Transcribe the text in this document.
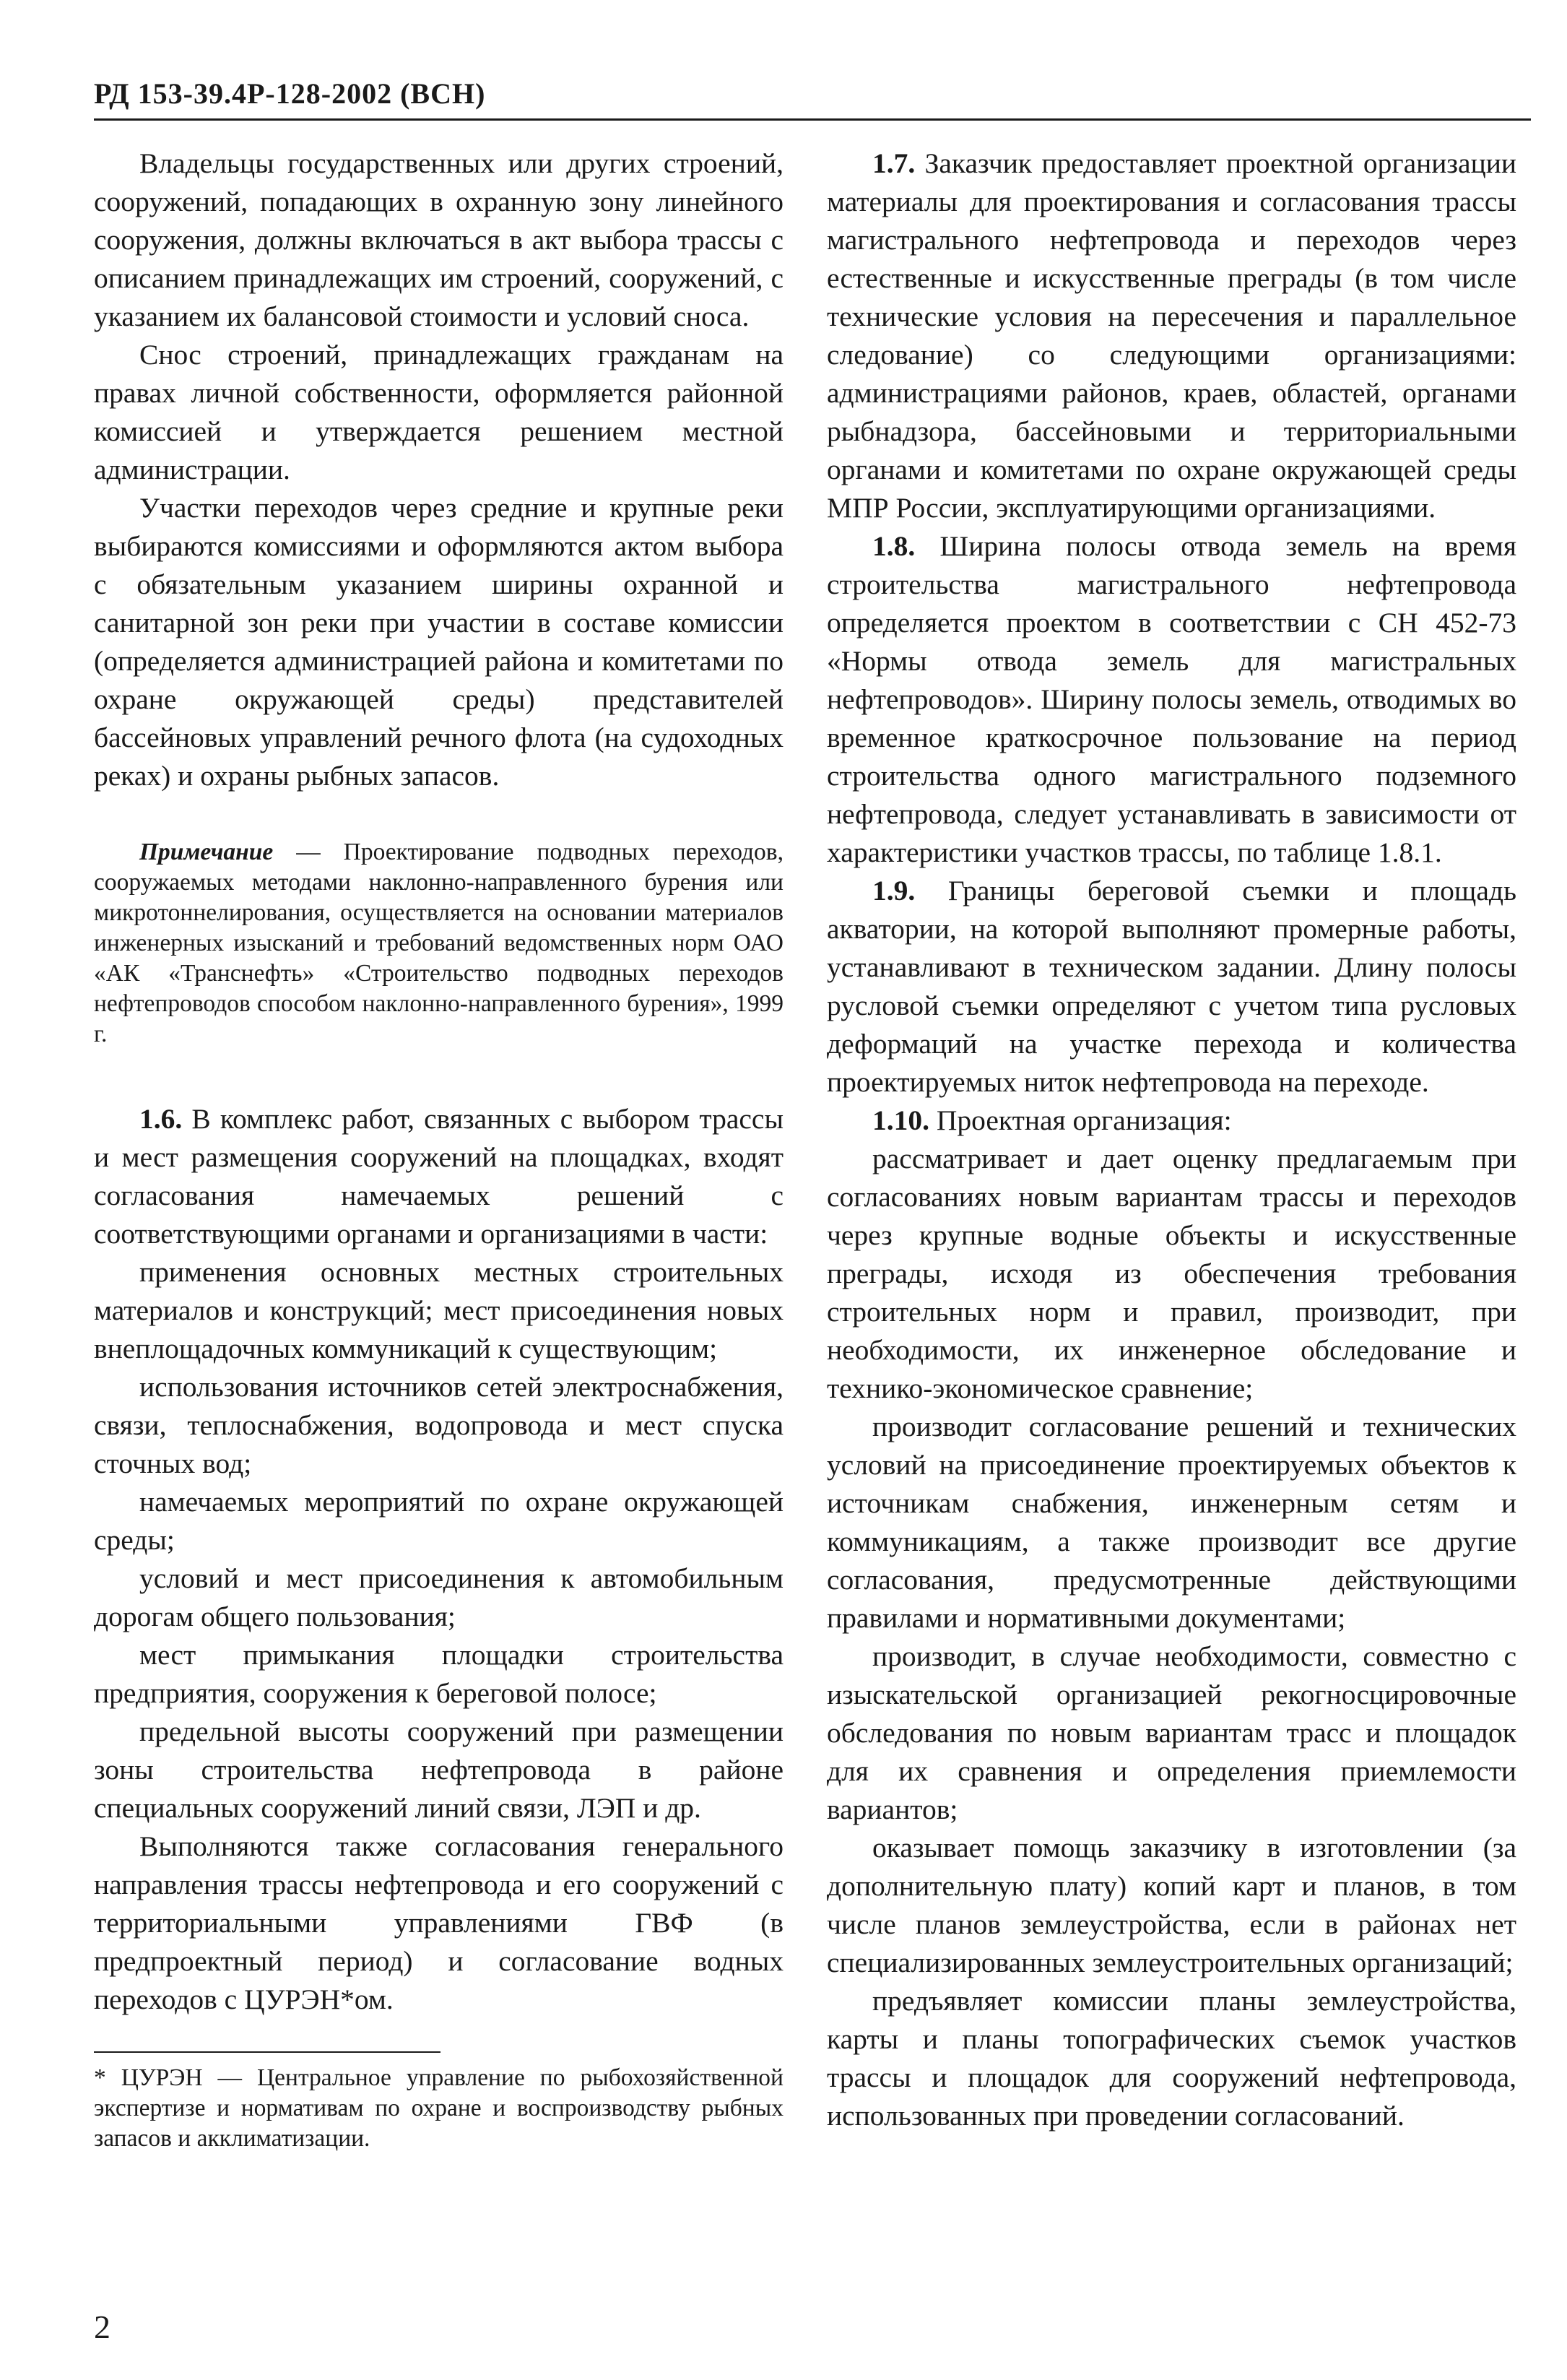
РД 153-39.4Р-128-2002 (ВСН)

Владельцы государственных или других строений, сооружений, попадающих в охранную зону линейного сооружения, должны включаться в акт выбора трассы с описанием принадлежащих им строений, сооружений, с указанием их балансовой стоимости и условий сноса.

Снос строений, принадлежащих гражданам на правах личной собственности, оформляется районной комиссией и утверждается решением местной администрации.

Участки переходов через средние и крупные реки выбираются комиссиями и оформляются актом выбора с обязательным указанием ширины охранной и санитарной зон реки при участии в составе комиссии (определяется администрацией района и комитетами по охране окружающей среды) представителей бассейновых управлений речного флота (на судоходных реках) и охраны рыбных запасов.

Примечание — Проектирование подводных переходов, сооружаемых методами наклонно-направленного бурения или микротоннелирования, осуществляется на основании материалов инженерных изысканий и требований ведомственных норм ОАО «АК «Транснефть» «Строительство подводных переходов нефтепроводов способом наклонно-направленного бурения», 1999 г.

1.6. В комплекс работ, связанных с выбором трассы и мест размещения сооружений на площадках, входят согласования намечаемых решений с соответствующими органами и организациями в части:

применения основных местных строительных материалов и конструкций; мест присоединения новых внеплощадочных коммуникаций к существующим;

использования источников сетей электроснабжения, связи, теплоснабжения, водопровода и мест спуска сточных вод;

намечаемых мероприятий по охране окружающей среды;

условий и мест присоединения к автомобильным дорогам общего пользования;

мест примыкания площадки строительства предприятия, сооружения к береговой полосе;

предельной высоты сооружений при размещении зоны строительства нефтепровода в районе специальных сооружений линий связи, ЛЭП и др.

Выполняются также согласования генерального направления трассы нефтепровода и его сооружений с территориальными управлениями ГВФ (в предпроектный период) и согласование водных переходов с ЦУРЭН*ом.

* ЦУРЭН — Центральное управление по рыбохозяйственной экспертизе и нормативам по охране и воспроизводству рыбных запасов и акклиматизации.

1.7. Заказчик предоставляет проектной организации материалы для проектирования и согласования трассы магистрального нефтепровода и переходов через естественные и искусственные преграды (в том числе технические условия на пересечения и параллельное следование) со следующими организациями: администрациями районов, краев, областей, органами рыбнадзора, бассейновыми и территориальными органами и комитетами по охране окружающей среды МПР России, эксплуатирующими организациями.

1.8. Ширина полосы отвода земель на время строительства магистрального нефтепровода определяется проектом в соответствии с СН 452-73 «Нормы отвода земель для магистральных нефтепроводов». Ширину полосы земель, отводимых во временное краткосрочное пользование на период строительства одного магистрального подземного нефтепровода, следует устанавливать в зависимости от характеристики участков трассы, по таблице 1.8.1.

1.9. Границы береговой съемки и площадь акватории, на которой выполняют промерные работы, устанавливают в техническом задании. Длину полосы русловой съемки определяют с учетом типа русловых деформаций на участке перехода и количества проектируемых ниток нефтепровода на переходе.

1.10. Проектная организация:

рассматривает и дает оценку предлагаемым при согласованиях новым вариантам трассы и переходов через крупные водные объекты и искусственные преграды, исходя из обеспечения требования строительных норм и правил, производит, при необходимости, их инженерное обследование и технико-экономическое сравнение;

производит согласование решений и технических условий на присоединение проектируемых объектов к источникам снабжения, инженерным сетям и коммуникациям, а также производит все другие согласования, предусмотренные действующими правилами и нормативными документами;

производит, в случае необходимости, совместно с изыскательской организацией рекогносцировочные обследования по новым вариантам трасс и площадок для их сравнения и определения приемлемости вариантов;

оказывает помощь заказчику в изготовлении (за дополнительную плату) копий карт и планов, в том числе планов землеустройства, если в районах нет специализированных землеустроительных организаций;

предъявляет комиссии планы землеустройства, карты и планы топографических съемок участков трассы и площадок для сооружений нефтепровода, использованных при проведении согласований.

2
